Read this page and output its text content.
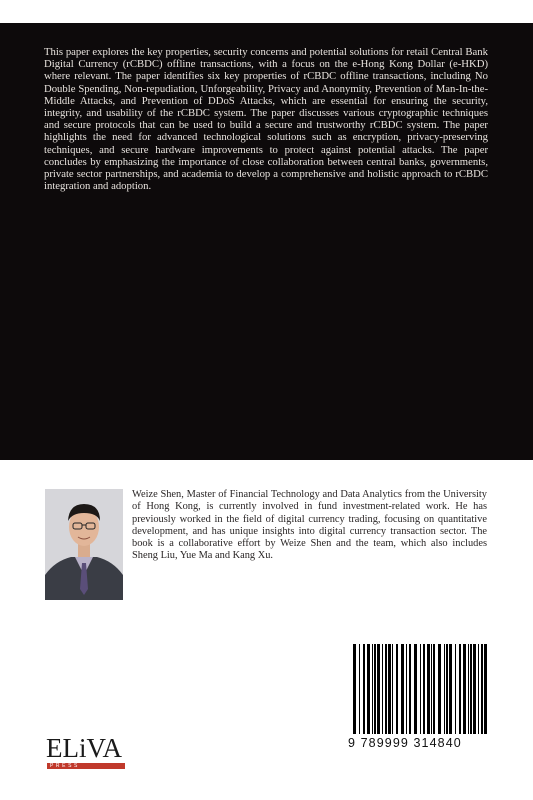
This paper explores the key properties, security concerns and potential solutions for retail Central Bank Digital Currency (rCBDC) offline transactions, with a focus on the e-Hong Kong Dollar (e-HKD) where relevant. The paper identifies six key properties of rCBDC offline transactions, including No Double Spending, Non-repudiation, Unforgeability, Privacy and Anonymity, Prevention of Man-In-the-Middle Attacks, and Prevention of DDoS Attacks, which are essential for ensuring the security, integrity, and usability of the rCBDC system. The paper discusses various cryptographic techniques and secure protocols that can be used to build a secure and trustworthy rCBDC system. The paper highlights the need for advanced technological solutions such as encryption, privacy-preserving techniques, and secure hardware improvements to protect against potential attacks. The paper concludes by emphasizing the importance of close collaboration between central banks, governments, private sector partnerships, and academia to develop a comprehensive and holistic approach to rCBDC integration and adoption.

Weize Shen, Master of Financial Technology and Data Analytics from the University of Hong Kong, is currently involved in fund investment-related work. He has previously worked in the field of digital currency trading, focusing on quantitative development, and has unique insights into digital currency transaction sector. The book is a collaborative effort by Weize Shen and the team, which also includes Sheng Liu, Yue Ma and Kang Xu.

9 789999 314840
ELiVA
PRESS
